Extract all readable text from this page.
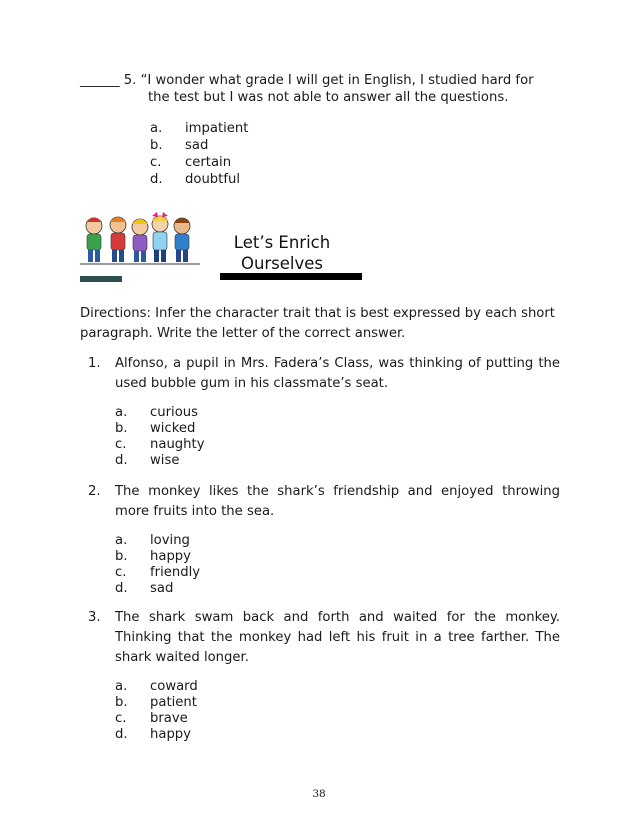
______ 5. “I wonder what grade I will get in English, I studied hard for
the test but I was not able to answer all the questions.
a.	impatient
b.	sad
c.	certain
d.	doubtful
Let’s Enrich
Ourselves
Directions: Infer the character trait that is best expressed by each short paragraph. Write the letter of the correct answer.
1.	Alfonso, a pupil in Mrs. Fadera’s Class, was thinking of putting the used bubble gum in his classmate’s seat.
a.	curious
b.	wicked
c.	naughty
d.	wise
2.	The monkey likes the shark’s friendship and enjoyed throwing more fruits into the sea.
a.	loving
b.	happy
c.	friendly
d.	sad
3.	The shark swam back and forth and waited for the monkey. Thinking that the monkey had left his fruit in a tree farther. The shark waited longer.
a.	coward
b.	patient
c.	brave
d.	happy
38
